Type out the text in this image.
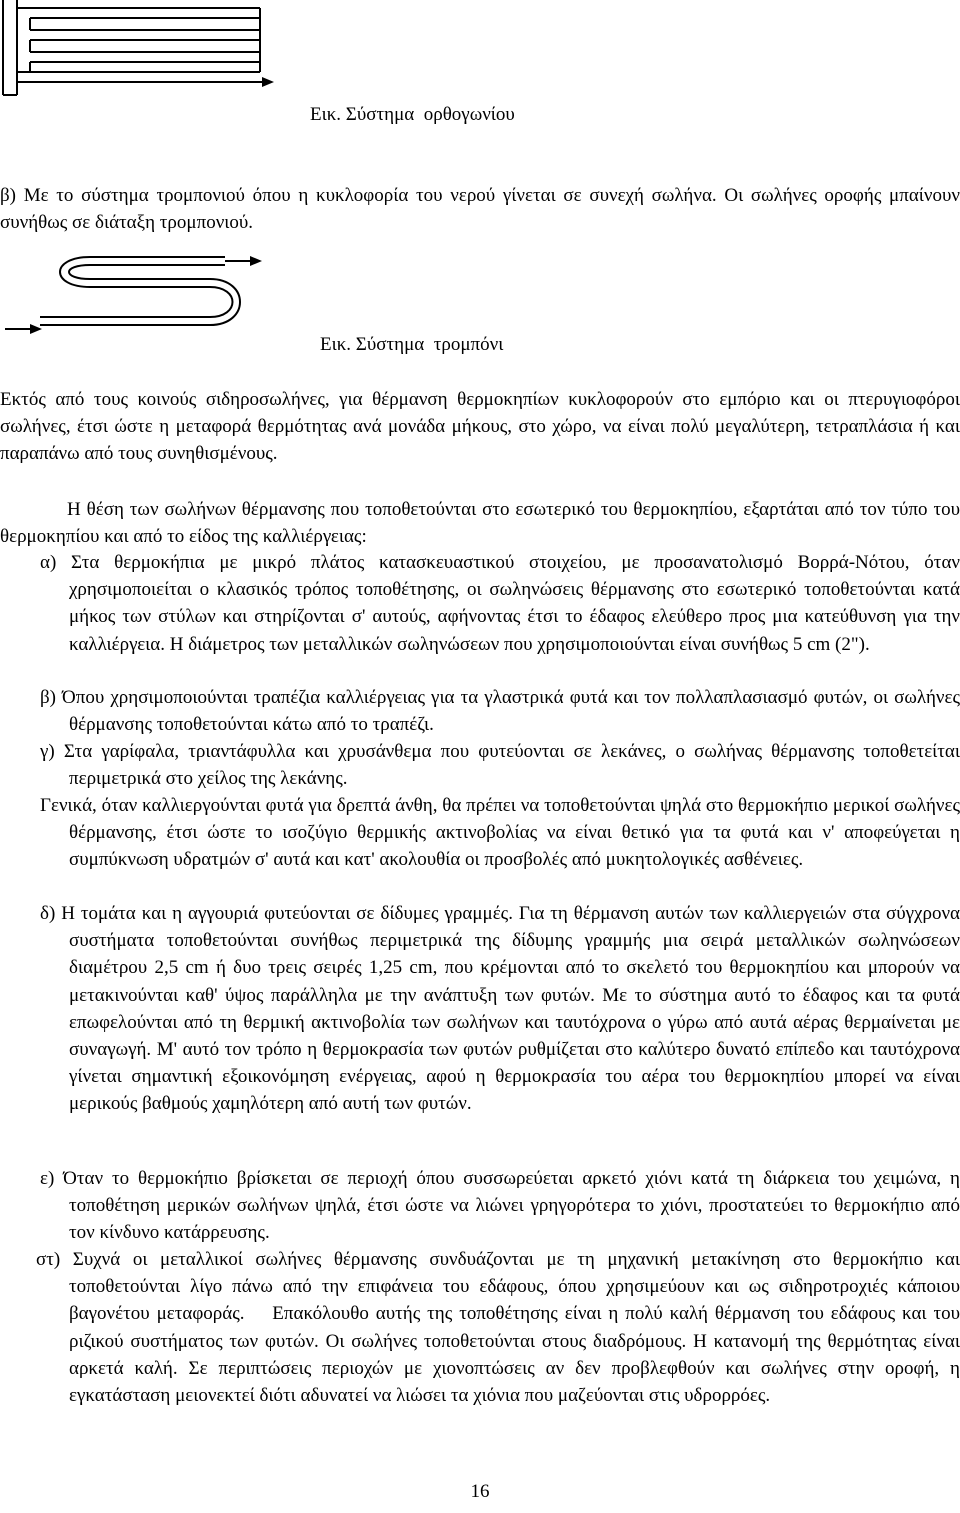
Εικ. Σύστημα  ορθογωνίου
β) Με το σύστημα τρομπονιού όπου η κυκλοφορία του νερού γίνεται σε συνεχή σωλήνα. Οι σωλήνες οροφής μπαίνουν συνήθως σε διάταξη τρομπονιού.
Εικ. Σύστημα  τρομπόνι
Εκτός από τους κοινούς σιδηροσωλήνες, για θέρμανση θερμοκηπίων κυκλοφορούν στο εμπόριο και οι πτερυγιοφόροι σωλήνες, έτσι ώστε η μεταφορά θερμότητας ανά μονάδα μήκους, στο χώρο, να είναι πολύ μεγαλύτερη, τετραπλάσια ή και παραπάνω από τους συνηθισμένους.
Η θέση των σωλήνων θέρμανσης που τοποθετούνται στο εσωτερικό του θερμοκηπίου, εξαρτάται από τον τύπο του θερμοκηπίου και από το είδος της καλλιέργειας:
α) Στα θερμοκήπια με μικρό πλάτος κατασκευαστικού στοιχείου, με προσανατολισμό Βορρά-Νότου, όταν χρησιμοποιείται ο κλασικός τρόπος τοποθέτησης, οι σωληνώσεις θέρμανσης στο εσωτερικό τοποθετούνται κατά μήκος των στύλων και στηρίζονται σ' αυτούς, αφήνοντας έτσι το έδαφος ελεύθερο προς μια κατεύθυνση για την καλλιέργεια. Η διάμετρος των μεταλλικών σωληνώσεων που χρησιμοποιούνται είναι συνήθως 5 cm (2").
β) Όπου χρησιμοποιούνται τραπέζια καλλιέργειας για τα γλαστρικά φυτά και τον πολλαπλασιασμό φυτών, οι σωλήνες θέρμανσης τοποθετούνται κάτω από το τραπέζι.
γ) Στα γαρίφαλα, τριαντάφυλλα και χρυσάνθεμα που φυτεύονται σε λεκάνες, ο σωλήνας θέρμανσης τοποθετείται περιμετρικά στο χείλος της λεκάνης.
Γενικά, όταν καλλιεργούνται φυτά για δρεπτά άνθη, θα πρέπει να τοποθετούνται ψηλά στο θερμοκήπιο μερικοί σωλήνες θέρμανσης, έτσι ώστε το ισοζύγιο θερμικής ακτινοβολίας να είναι θετικό για τα φυτά και ν' αποφεύγεται η συμπύκνωση υδρατμών σ' αυτά και κατ' ακολουθία οι προσβολές από μυκητολογικές ασθένειες.
δ) Η τομάτα και η αγγουριά φυτεύονται σε δίδυμες γραμμές. Για τη θέρμανση αυτών των καλλιεργειών στα σύγχρονα συστήματα τοποθετούνται συνήθως περιμετρικά της δίδυμης γραμμής μια σειρά μεταλλικών σωληνώσεων διαμέτρου 2,5 cm ή δυο τρεις σειρές 1,25 cm, που κρέμονται από το σκελετό του θερμοκηπίου και μπορούν να μετακινούνται καθ' ύψος παράλληλα με την ανάπτυξη των φυτών. Με το σύστημα αυτό το έδαφος και τα φυτά επωφελούνται από τη θερμική ακτινοβολία των σωλήνων και ταυτόχρονα ο γύρω από αυτά αέρας θερμαίνεται με συναγωγή. Μ' αυτό τον τρόπο η θερμοκρασία των φυτών ρυθμίζεται στο καλύτερο δυνατό επίπεδο και ταυτόχρονα γίνεται σημαντική εξοικονόμηση ενέργειας, αφού η θερμοκρασία του αέρα του θερμοκηπίου μπορεί να είναι μερικούς βαθμούς χαμηλότερη από αυτή των φυτών.
ε) Όταν το θερμοκήπιο βρίσκεται σε περιοχή όπου συσσωρεύεται αρκετό χιόνι κατά τη διάρκεια του χειμώνα, η τοποθέτηση μερικών σωλήνων ψηλά, έτσι ώστε να λιώνει γρηγορότερα το χιόνι, προστατεύει το θερμοκήπιο από τον κίνδυνο κατάρρευσης.
στ) Συχνά οι μεταλλικοί σωλήνες θέρμανσης συνδυάζονται με τη μηχανική μετακίνηση στο θερμοκήπιο και τοποθετούνται λίγο πάνω από την επιφάνεια του εδάφους, όπου χρησιμεύουν και ως σιδηροτροχιές κάποιου βαγονέτου μεταφοράς.    Επακόλουθο αυτής της τοποθέτησης είναι η πολύ καλή θέρμανση του εδάφους και του ριζικού συστήματος των φυτών. Οι σωλήνες τοποθετούνται στους διαδρόμους. Η κατανομή της θερμότητας είναι αρκετά καλή. Σε περιπτώσεις περιοχών με χιονοπτώσεις αν δεν προβλεφθούν και σωλήνες στην οροφή, η εγκατάσταση μειονεκτεί διότι αδυνατεί να λιώσει τα χιόνια που μαζεύονται στις υδρορρόες.
16
